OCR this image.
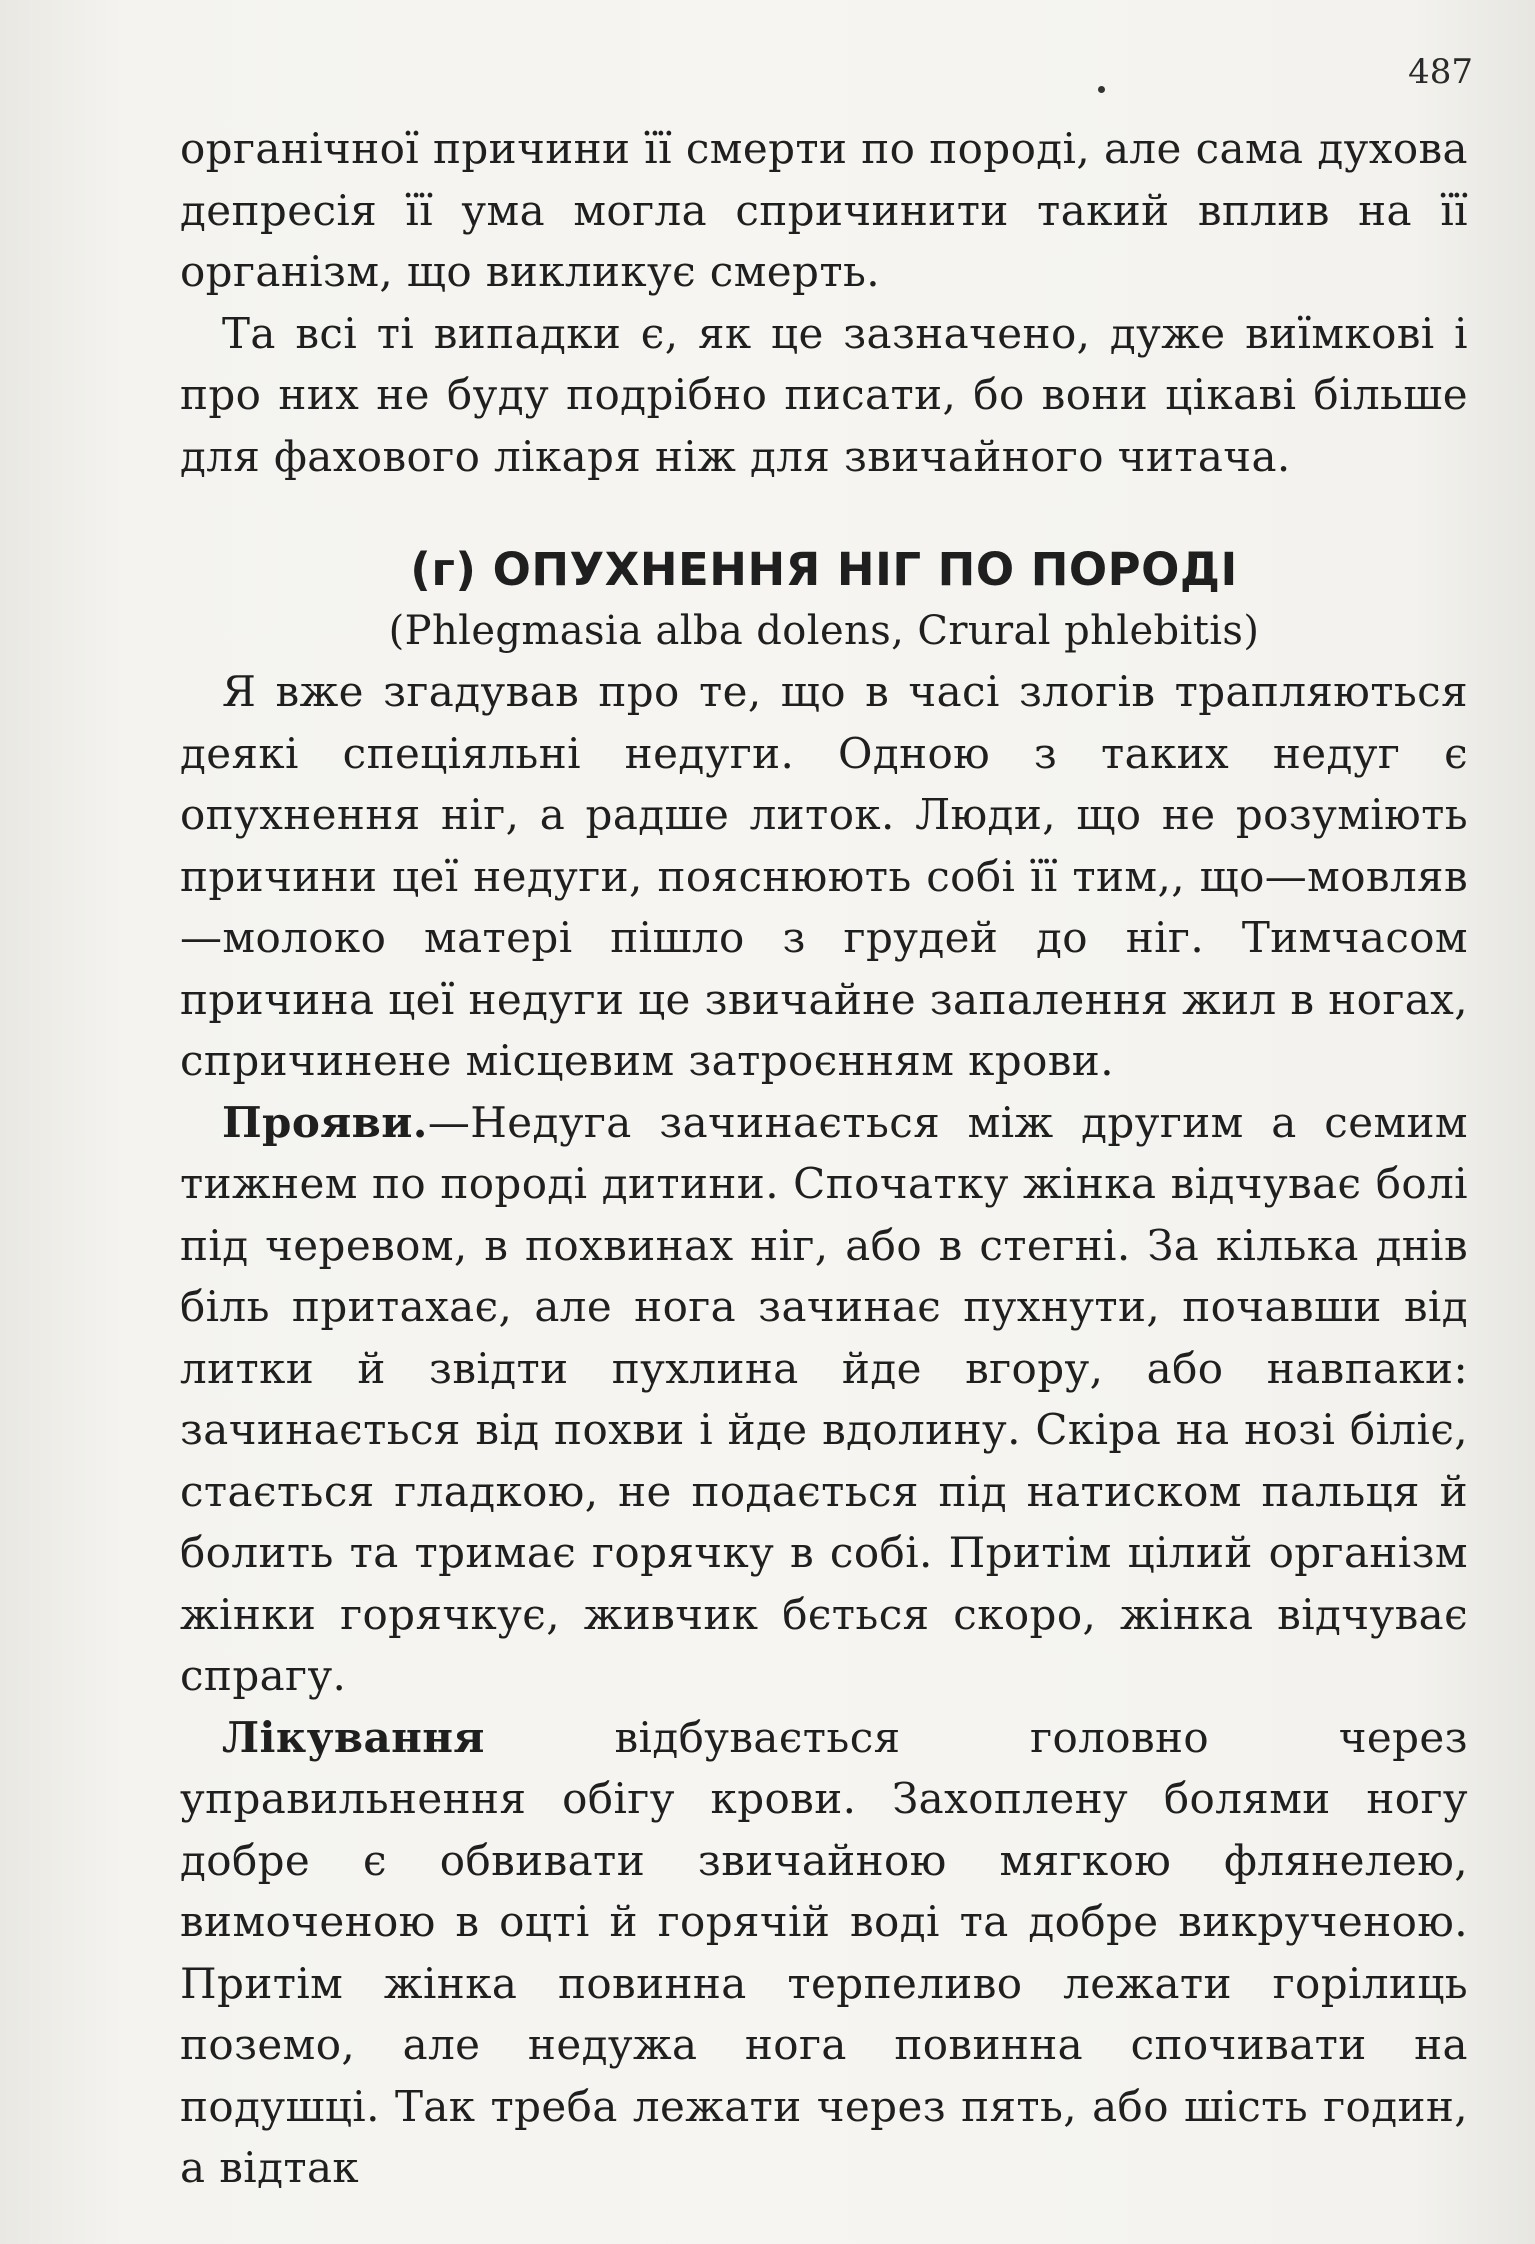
487

органічної причини її смерти по породі, але сама духова депресія її ума могла спричинити такий вплив на її організм, що викликує смерть.

Та всі ті випадки є, як це зазначено, дуже виїмкові і про них не буду подрібно писати, бо вони цікаві більше для фахового лікаря ніж для звичайного читача.

(г) ОПУХНЕННЯ НІГ ПО ПОРОДІ
(Phlegmasia alba dolens, Crural phlebitis)

Я вже згадував про те, що в часі злогів трапляються деякі спеціяльні недуги. Одною з таких недуг є опухнення ніг, а радше литок. Люди, що не розуміють причини цеї недуги, пояснюють собі її тим,, що—мовляв—молоко матері пішло з грудей до ніг. Тимчасом причина цеї недуги це звичайне запалення жил в ногах, спричинене місцевим затроєнням крови.

Прояви.—Недуга зачинається між другим а семим тижнем по породі дитини. Спочатку жінка відчуває болі під черевом, в похвинах ніг, або в стегні. За кілька днів біль притахає, але нога зачинає пухнути, почавши від литки й звідти пухлина йде вгору, або навпаки: зачинається від похви і йде вдолину. Скіра на нозі біліє, стається гладкою, не подається під натиском пальця й болить та тримає горячку в собі. Притім цілий організм жінки горячкує, живчик бється скоро, жінка відчуває спрагу.

Лікування відбувається головно через управильнення обігу крови. Захоплену болями ногу добре є обвивати звичайною мягкою флянелею, вимоченою в оцті й горячій воді та добре викрученою. Притім жінка повинна терпеливо лежати горілиць поземо, але недужа нога повинна спочивати на подушці. Так треба лежати через пять, або шість годин, а відтак
